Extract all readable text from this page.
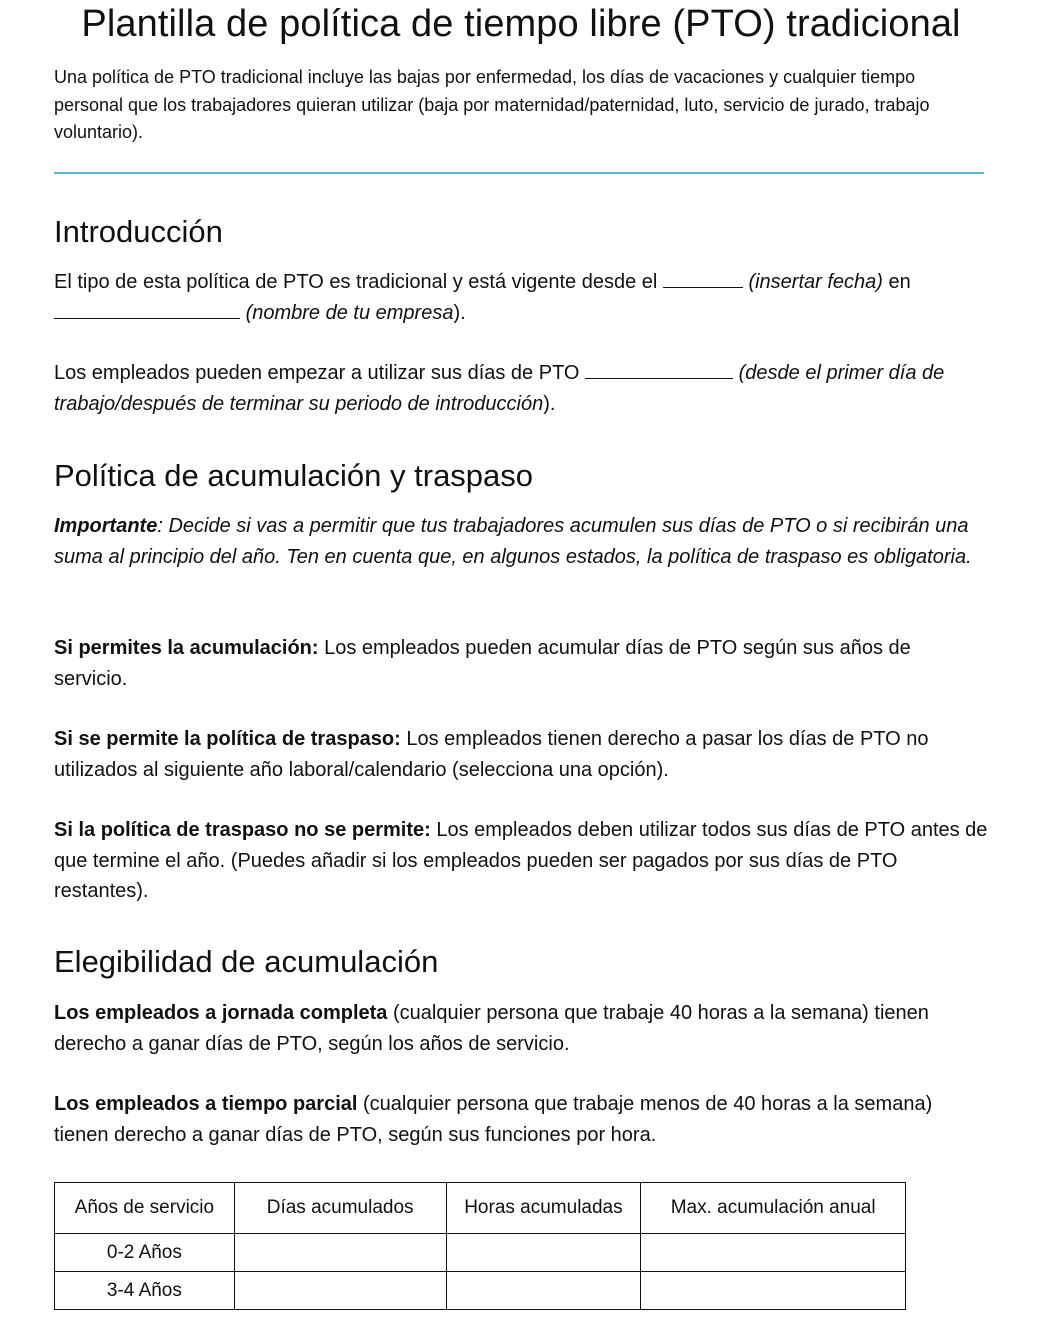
Plantilla de política de tiempo libre (PTO) tradicional

Una política de PTO tradicional incluye las bajas por enfermedad, los días de vacaciones y cualquier tiempo personal que los trabajadores quieran utilizar (baja por maternidad/paternidad, luto, servicio de jurado, trabajo voluntario).

Introducción

El tipo de esta política de PTO es tradicional y está vigente desde el	(insertar fecha) en
(nombre de tu empresa).

Los empleados pueden empezar a utilizar sus días de PTO	(desde el primer día de trabajo/después de terminar su periodo de introducción).

Política de acumulación y traspaso

Importante: Decide si vas a permitir que tus trabajadores acumulen sus días de PTO o si recibirán una suma al principio del año. Ten en cuenta que, en algunos estados, la política de traspaso es obligatoria.

Si permites la acumulación: Los empleados pueden acumular días de PTO según sus años de servicio.

Si se permite la política de traspaso: Los empleados tienen derecho a pasar los días de PTO no utilizados al siguiente año laboral/calendario (selecciona una opción).

Si la política de traspaso no se permite: Los empleados deben utilizar todos sus días de PTO antes de que termine el año. (Puedes añadir si los empleados pueden ser pagados por sus días de PTO restantes).

Elegibilidad de acumulación

Los empleados a jornada completa (cualquier persona que trabaje 40 horas a la semana) tienen derecho a ganar días de PTO, según los años de servicio.

Los empleados a tiempo parcial (cualquier persona que trabaje menos de 40 horas a la semana) tienen derecho a ganar días de PTO, según sus funciones por hora.

Años de servicio	Días acumulados	Horas acumuladas	Max. acumulación anual
0-2 Años			
3-4 Años			
